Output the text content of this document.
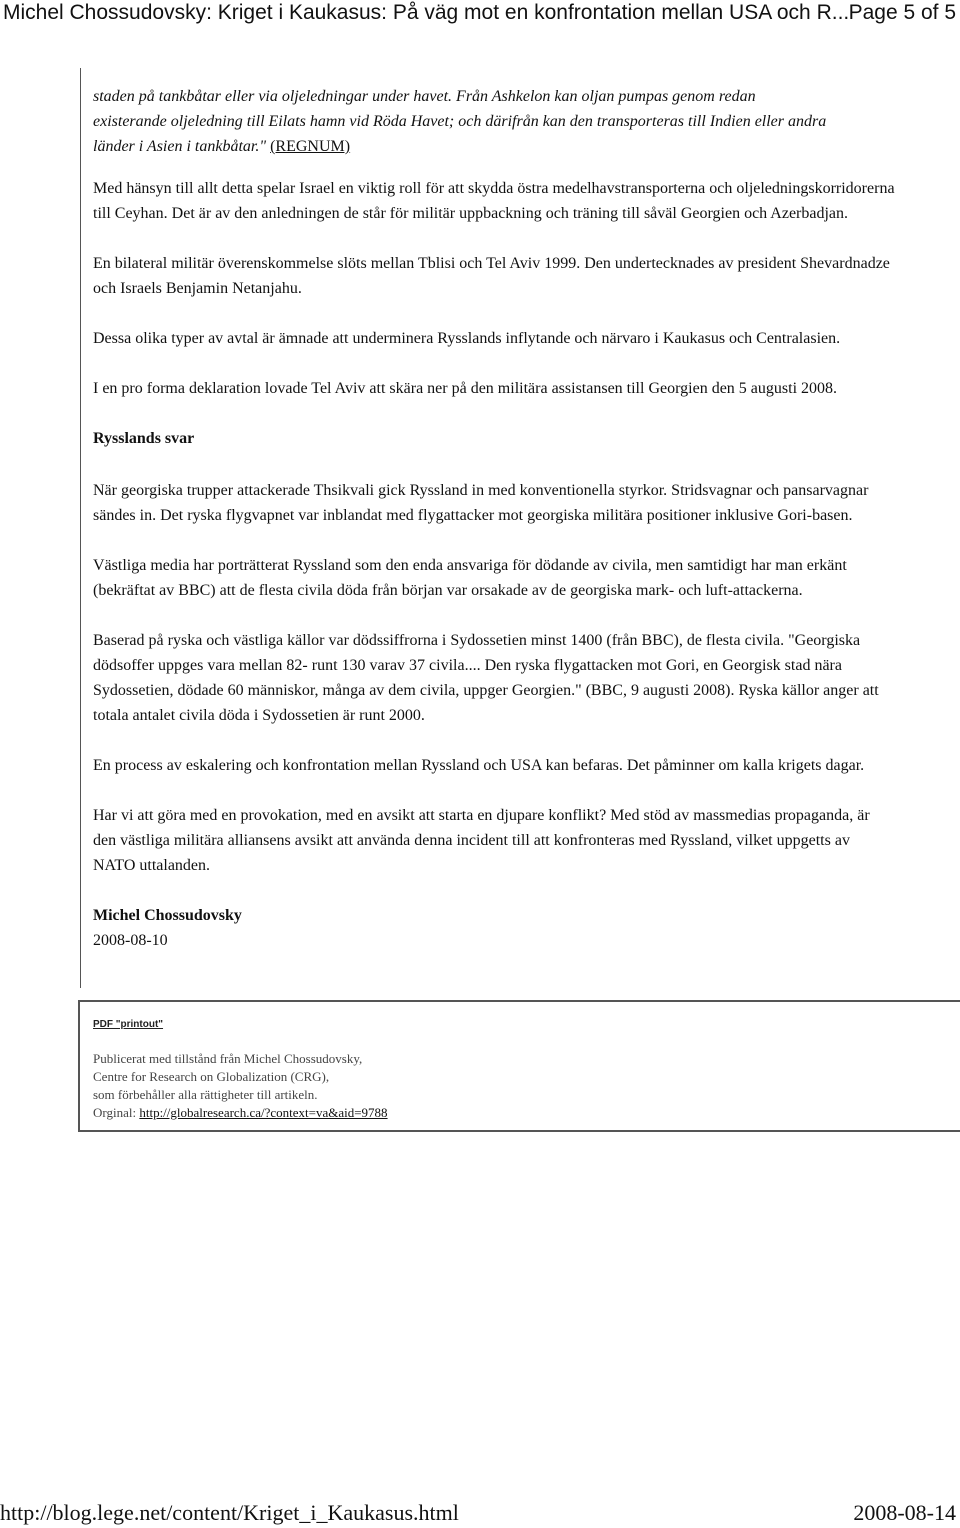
Michel Chossudovsky: Kriget i Kaukasus: På väg mot en konfrontation mellan USA och R... Page 5 of 5

staden på tankbåtar eller via oljeledningar under havet. Från Ashkelon kan oljan pumpas genom redan

existerande oljeledning till Eilats hamn vid Röda Havet; och därifrån kan den transporteras till Indien eller andra

länder i Asien i tankbåtar." (REGNUM)

Med hänsyn till allt detta spelar Israel en viktig roll för att skydda östra medelhavstransporterna och oljeledningskorridorerna

till Ceyhan. Det är av den anledningen de står för militär uppbackning och träning till såväl Georgien och Azerbadjan.

En bilateral militär överenskommelse slöts mellan Tblisi och Tel Aviv 1999. Den undertecknades av president Shevardnadze

och Israels Benjamin Netanjahu.

Dessa olika typer av avtal är ämnade att underminera Rysslands inflytande och närvaro i Kaukasus och Centralasien.

I en pro forma deklaration lovade Tel Aviv att skära ner på den militära assistansen till Georgien den 5 augusti 2008.

Rysslands svar

När georgiska trupper attackerade Thsikvali gick Ryssland in med konventionella styrkor. Stridsvagnar och pansarvagnar

sändes in. Det ryska flygvapnet var inblandat med flygattacker mot georgiska militära positioner inklusive Gori-basen.

Västliga media har porträtterat Ryssland som den enda ansvariga för dödande av civila, men samtidigt har man erkänt

(bekräftat av BBC) att de flesta civila döda från början var orsakade av de georgiska mark- och luft-attackerna.

Baserad på ryska och västliga källor var dödssiffrorna i Sydossetien minst 1400 (från BBC), de flesta civila. "Georgiska

dödsoffer uppges vara mellan 82- runt 130 varav 37 civila.... Den ryska flygattacken mot Gori, en Georgisk stad nära

Sydossetien, dödade 60 människor, många av dem civila, uppger Georgien." (BBC, 9 augusti 2008). Ryska källor anger att

totala antalet civila döda i Sydossetien är runt 2000.

En process av eskalering och konfrontation mellan Ryssland och USA kan befaras. Det påminner om kalla krigets dagar.

Har vi att göra med en provokation, med en avsikt att starta en djupare konflikt? Med stöd av massmedias propaganda, är

den västliga militära alliansens avsikt att använda denna incident till att konfronteras med Ryssland, vilket uppgetts av

NATO uttalanden.

Michel Chossudovsky

2008-08-10

PDF "printout"
Publicerat med tillstånd från Michel Chossudovsky,
Centre for Research on Globalization (CRG),
som förbehåller alla rättigheter till artikeln.
Orginal: http://globalresearch.ca/?context=va&aid=9788
http://blog.lege.net/content/Kriget_i_Kaukasus.html	2008-08-14
